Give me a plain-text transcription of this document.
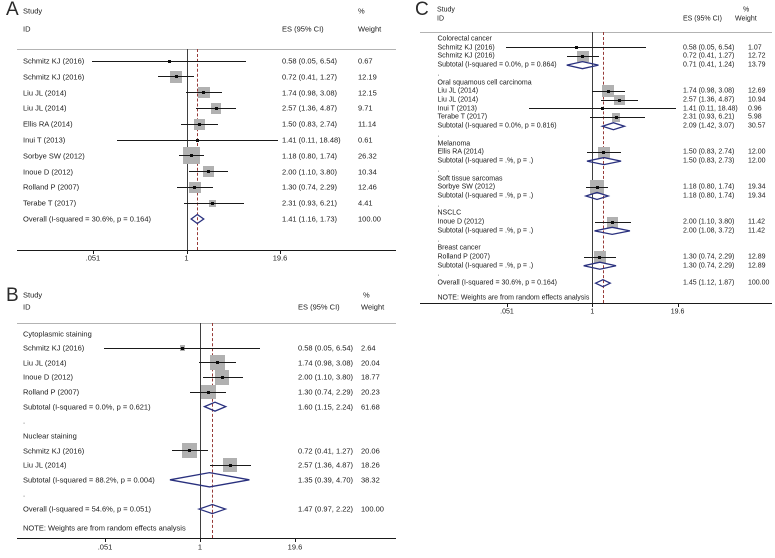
A
B
C
Study
ID	ES (95% CI)
%
Weight
Study
ID	ES (95% CI)
%
Weight
Study
ID	ES (95% CI)
%
Weight
Schmitz KJ (2016)	0.58 (0.05, 6.54)	0.67
Schmitz KJ (2016)	0.72 (0.41, 1.27)	12.19
Liu JL (2014)	1.74 (0.98, 3.08)	12.15
Liu JL (2014)	2.57 (1.36, 4.87)	9.71
Ellis RA (2014)	1.50 (0.83, 2.74)	11.14
Inui T (2013)	1.41 (0.11, 18.48) 0.61
Sorbye SW (2012)	1.18 (0.80, 1.74)	26.32
Inoue D (2012)	2.00 (1.10, 3.80)	10.34
Rolland P (2007)	1.30 (0.74, 2.29)	12.46
Terabe T (2017)	2.31 (0.93, 6.21)	4.41
Overall (I-squared = 30.6%, p = 0.164)	1.41 (1.16, 1.73)	100.00
.051	1	19.6
Cytoplasmic staining
Schmitz KJ (2016)	0.58 (0.05, 6.54) 2.64
Liu JL (2014)	1.74 (0.98, 3.08) 20.04
Inoue D (2012)	2.00 (1.10, 3.80) 18.77
Rolland P (2007)	1.30 (0.74, 2.29) 20.23
Subtotal (I-squared = 0.0%, p = 0.621)	1.60 (1.15, 2.24) 61.68
.
Nuclear staining
Schmitz KJ (2016)	0.72 (0.41, 1.27) 20.06
Liu JL (2014)	2.57 (1.36, 4.87) 18.26
Subtotal (I-squared = 88.2%, p = 0.004)	1.35 (0.39, 4.70) 38.32
.
Overall (I-squared = 54.6%, p = 0.051)	1.47 (0.97, 2.22) 100.00
NOTE: Weights are from random effects analysis
.051	1	19.6
Colorectal cancer
Schmitz KJ (2016)	0.58 (0.05, 6.54) 1.07
Schmitz KJ (2016)	0.72 (0.41, 1.27) 12.72
Subtotal (I-squared = 0.0%, p = 0.864)	0.71 (0.41, 1.24) 13.79
.
Oral squamous cell carcinoma
Liu JL (2014)	1.74 (0.98, 3.08) 12.69
Liu JL (2014)	2.57 (1.36, 4.87) 10.94
Inui T (2013)	1.41 (0.11, 18.48) 0.96
Terabe T (2017)	2.31 (0.93, 6.21) 5.98
Subtotal (I-squared = 0.0%, p = 0.816)	2.09 (1.42, 3.07) 30.57
.
Melanoma
Ellis RA (2014)	1.50 (0.83, 2.74) 12.00
Subtotal (I-squared = .%, p = .)	1.50 (0.83, 2.73) 12.00
.
Soft tissue sarcomas
Sorbye SW (2012)	1.18 (0.80, 1.74) 19.34
Subtotal (I-squared = .%, p = .)	1.18 (0.80, 1.74) 19.34
.
NSCLC
Inoue D (2012)	2.00 (1.10, 3.80) 11.42
Subtotal (I-squared = .%, p = .)	2.00 (1.08, 3.72) 11.42
.
Breast cancer
Rolland P (2007)	1.30 (0.74, 2.29) 12.89
Subtotal (I-squared = .%, p = .)	1.30 (0.74, 2.29) 12.89
.
Overall (I-squared = 30.6%, p = 0.164)	1.45 (1.12, 1.87) 100.00
NOTE: Weights are from random effects analysis
.051	1	19.6
